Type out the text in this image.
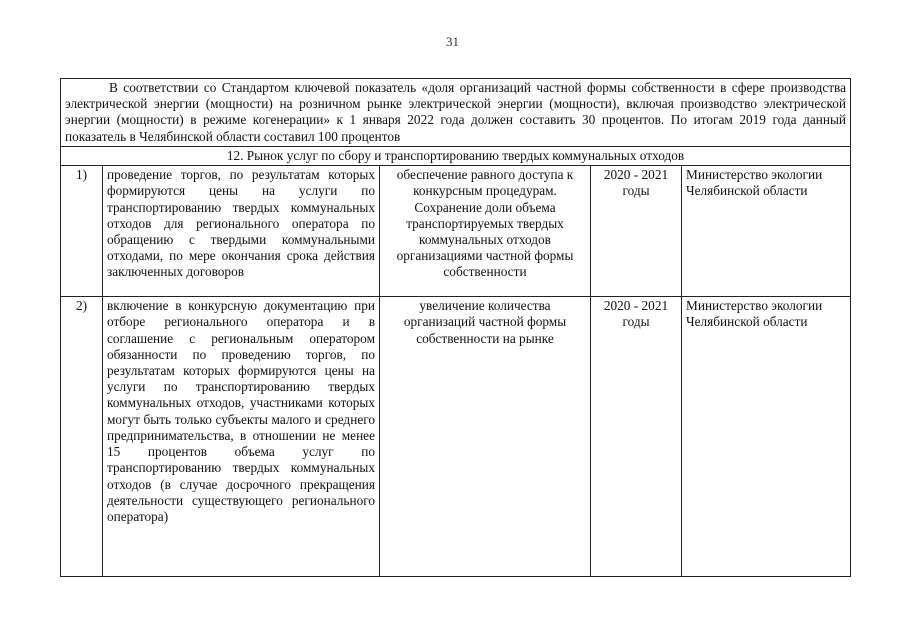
31
В соответствии со Стандартом ключевой показатель «доля организаций частной формы собственности в сфере производства электрической энергии (мощности) на розничном рынке электрической энергии (мощности), включая производство электрической энергии (мощности) в режиме когенерации» к 1 января 2022 года должен составить 30 процентов. По итогам 2019 года данный показатель в Челябинской области составил 100 процентов				
12. Рынок услуг по сбору и транспортированию твердых коммунальных отходов				
1)	проведение торгов, по результатам которых формируются цены на услуги по транспортированию твердых коммунальных отходов для регионального оператора по обращению с твердыми коммунальными отходами, по мере окончания срока действия заключенных договоров	обеспечение равного доступа к конкурсным процедурам. Сохранение доли объема транспортируемых твердых коммунальных отходов организациями частной формы собственности	2020 - 2021 годы	Министерство экологии Челябинской области
2)	включение в конкурсную документацию при отборе регионального оператора и в соглашение с региональным оператором обязанности по проведению торгов, по результатам которых формируются цены на услуги по транспортированию твердых коммунальных отходов, участниками которых могут быть только субъекты малого и среднего предпринимательства, в отношении не менее 15 процентов объема услуг по транспортированию твердых коммунальных отходов (в случае досрочного прекращения деятельности существующего регионального оператора)	увеличение количества организаций частной формы собственности на рынке	2020 - 2021 годы	Министерство экологии Челябинской области
